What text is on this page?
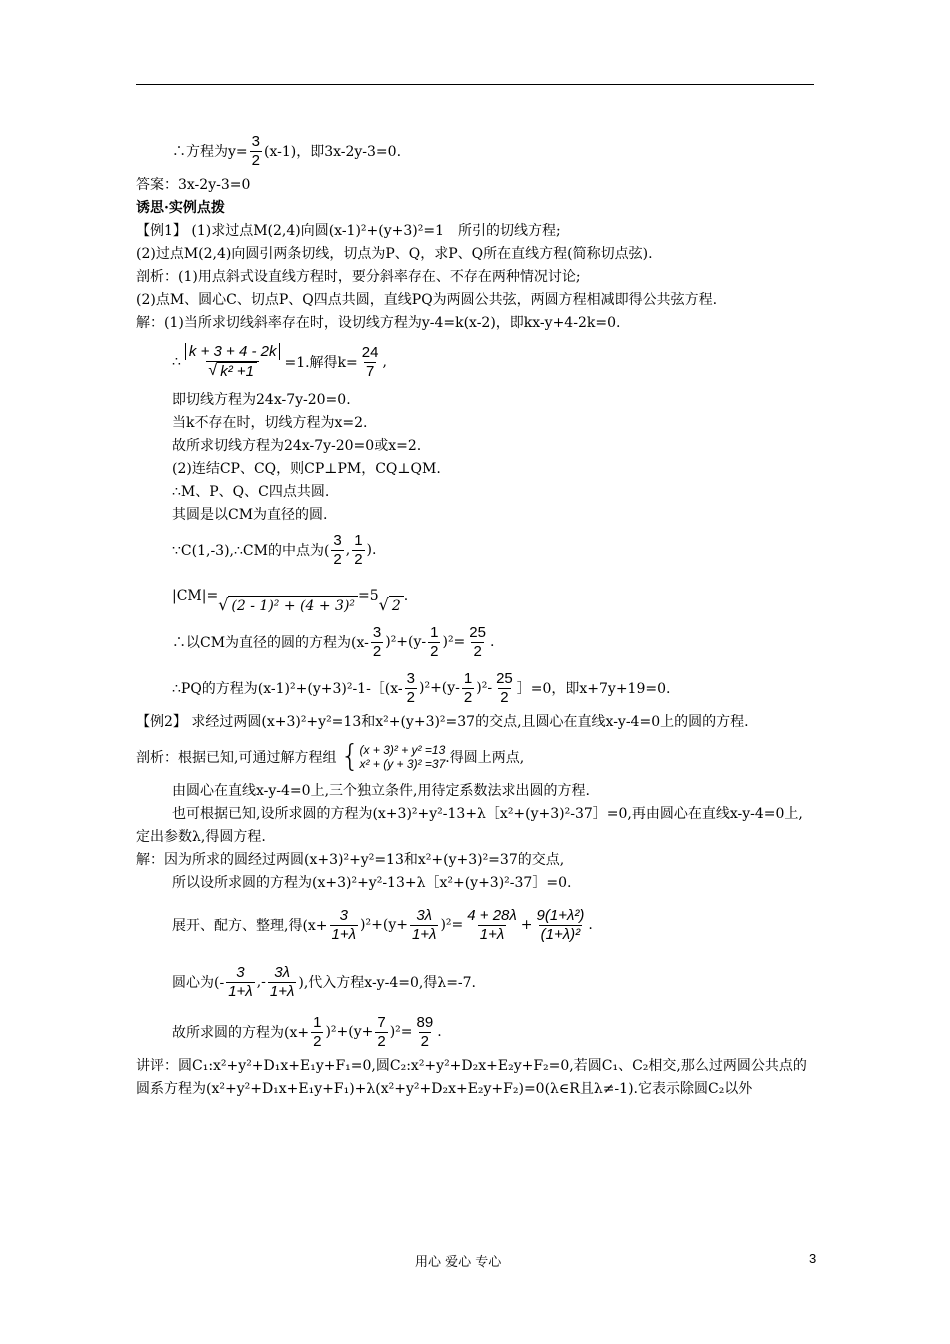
∴方程为$y= \frac{3}{2} (x-1)$，即3x-2y-3=0.
答案：3x-2y-3=0
诱思·实例点拨
【例1】 (1)求过点M(2,4)向圆(x-1)²+(y+3)²=1　所引的切线方程;
(2)过点M(2,4)向圆引两条切线，切点为P、Q，求P、Q所在直线方程(简称切点弦).
剖析：(1)用点斜式设直线方程时，要分斜率存在、不存在两种情况讨论;
(2)点M、圆心C、切点P、Q四点共圆，直线PQ为两圆公共弦，两圆方程相减即得公共弦方程.
解：(1)当所求切线斜率存在时，设切线方程为y-4=k(x-2)，即kx-y+4-2k=0.
∴ $\frac{k + 3 + 4 - 2k}{\text{√ k² +1}} =1$.解得$k= \frac{24}{7}$ ,
即切线方程为24x-7y-20=0.
当k不存在时，切线方程为x=2.
故所求切线方程为24x-7y-20=0或x=2.
(2)连结CP、CQ，则CP⊥PM，CQ⊥QM.
∴M、P、Q、C四点共圆.
其圆是以CM为直径的圆.
∵C(1,-3),∴CM的中点为( $\frac{3}{2}$ , $\frac{1}{2}$ ).
|CM|= √ (2 - 1)² + (4 + 3)²
=5 √ 2
.
∴以CM为直径的圆的方程为$(x- \frac{3}{2} )^2+(y- \frac{1}{2} )^2= \frac{25}{2}$ .
∴PQ的方程为(x-1)²+(y+3)²-1-［(x- $\frac{3}{2} )^2+(y- \frac{1}{2} )^2- \frac{25}{2}$ ］=0，即x+7y+19=0.
【例2】 求经过两圆(x+3)²+y²=13和x²+(y+3)²=37的交点,且圆心在直线x-y-4=0上的圆的方程.
剖析：根据已知,可通过解方程组 { (x + 3)² + y² =13
x² + (y + 3)² =37 .得圆上两点,
由圆心在直线x-y-4=0上,三个独立条件,用待定系数法求出圆的方程.
也可根据已知,设所求圆的方程为(x+3)²+y²-13+λ［x²+(y+3)²-37］=0,再由圆心在直线x-y-4=0上,定出参数λ,得圆方程.
解：因为所求的圆经过两圆(x+3)²+y²=13和x²+(y+3)²=37的交点,
所以设所求圆的方程为(x+3)²+y²-13+λ［x²+(y+3)²-37］=0.
展开、配方、整理,得$(x+ \frac{3}{1+\lambda} )^2+(y+ \frac{3\lambda}{1+\lambda} )^2= \frac{4 + 28\lambda}{1+\lambda} + \frac{\text{9(1+λ²)}}{\text{(1+λ)²}}$ .
圆心为(- $\frac{3}{1+\lambda}$ ,- $\frac{3\lambda}{1+\lambda}$ ),代入方程x-y-4=0,得λ=-7.
故所求圆的方程为$(x+ \frac{1}{2} )^2+(y+ \frac{7}{2} )^2= \frac{89}{2}$ .
讲评：圆C₁:x²+y²+D₁x+E₁y+F₁=0,圆C₂:x²+y²+D₂x+E₂y+F₂=0,若圆C₁、C₂相交,那么过两圆公共点的圆系方程为(x²+y²+D₁x+E₁y+F₁)+λ(x²+y²+D₂x+E₂y+F₂)=0(λ∈R且λ≠-1).它表示除圆C₂以外
用心 爱心 专心	3
